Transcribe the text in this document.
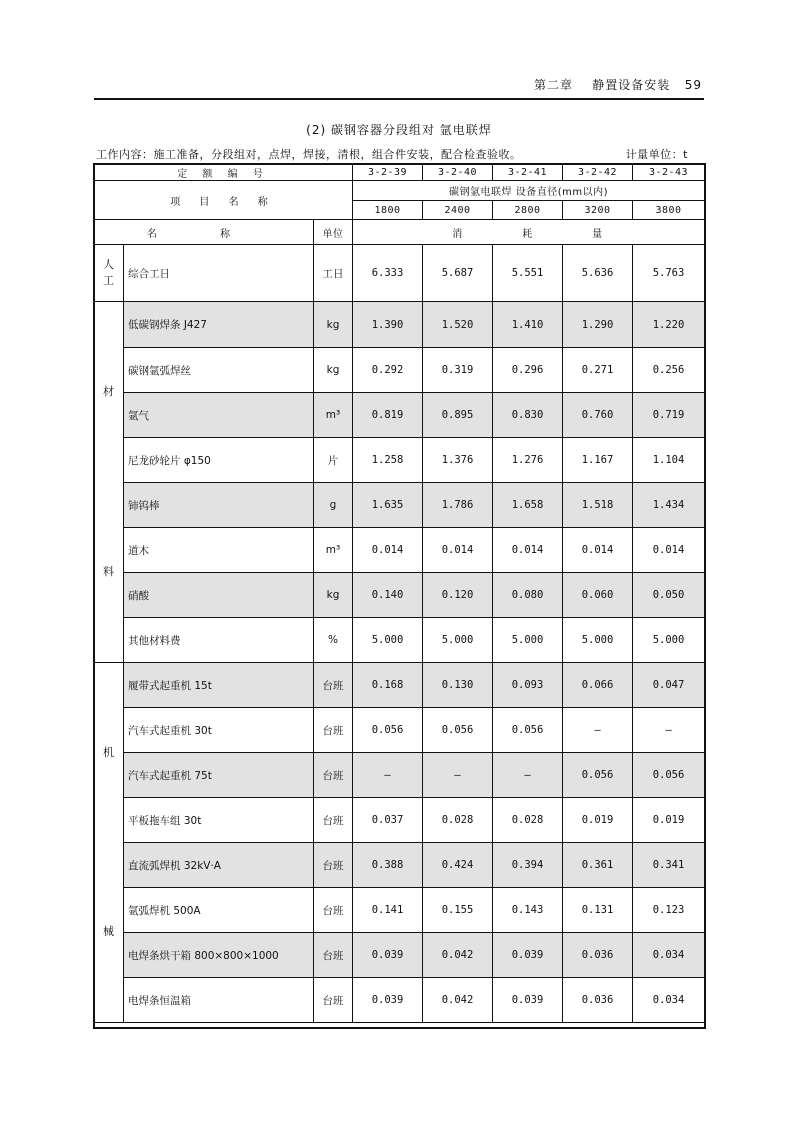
第二章 静置设备安装 59
(2) 碳钢容器分段组对 氩电联焊
工作内容：施工准备，分段组对，点焊，焊接，清根，组合件安装，配合检查验收。	计量单位：t
定 额 编 号			3-2-39	3-2-40	3-2-41	3-2-42	3-2-43
项 目 名 称			碳钢氩电联焊 设备直径(mm以内)				
			1800	2400	2800	3200	3800
名 称		单位		消	耗	量	

人
工	综合工日	工日	6.333	5.687	5.551	5.636	5.763

材
料	低碳钢焊条 J427	kg	1.390	1.520	1.410	1.290	1.220
	碳钢氩弧焊丝	kg	0.292	0.319	0.296	0.271	0.256
	氩气	m³	0.819	0.895	0.830	0.760	0.719
	尼龙砂轮片 φ150	片	1.258	1.376	1.276	1.167	1.104
	铈钨棒	g	1.635	1.786	1.658	1.518	1.434
	道木	m³	0.014	0.014	0.014	0.014	0.014
	硝酸	kg	0.140	0.120	0.080	0.060	0.050
	其他材料费	%	5.000	5.000	5.000	5.000	5.000

机
械	履带式起重机 15t	台班	0.168	0.130	0.093	0.066	0.047
	汽车式起重机 30t	台班	0.056	0.056	0.056	—	—
	汽车式起重机 75t	台班	—	—	—	0.056	0.056
	平板拖车组 30t	台班	0.037	0.028	0.028	0.019	0.019
	直流弧焊机 32kV·A	台班	0.388	0.424	0.394	0.361	0.341
	氩弧焊机 500A	台班	0.141	0.155	0.143	0.131	0.123
	电焊条烘干箱 800×800×1000	台班	0.039	0.042	0.039	0.036	0.034
	电焊条恒温箱	台班	0.039	0.042	0.039	0.036	0.034
